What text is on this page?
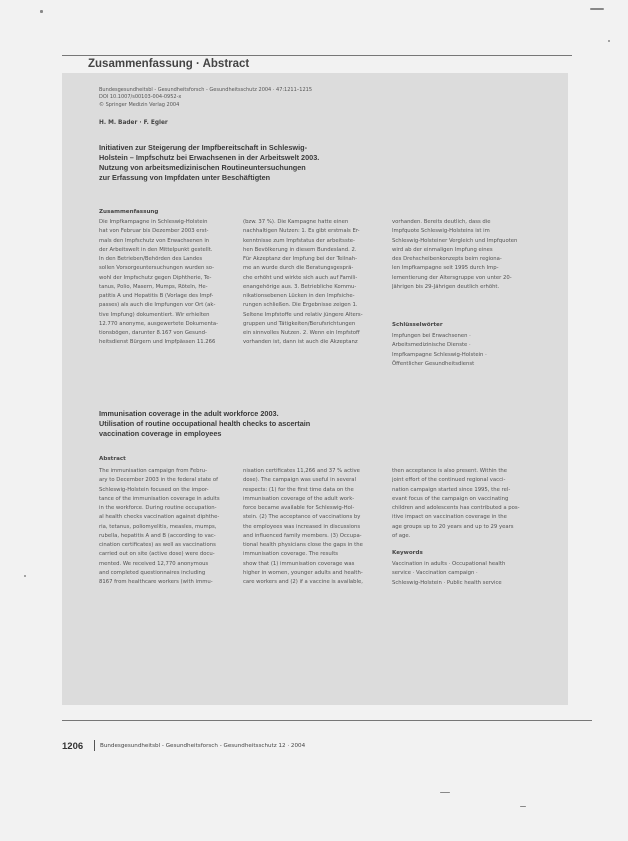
Zusammenfassung · Abstract
Bundesgesundheitsbl - Gesundheitsforsch - Gesundheitsschutz 2004 · 47:1211–1215
DOI 10.1007/s00103-004-0952-x
© Springer Medizin Verlag 2004
H. M. Bader · F. Egler
Initiativen zur Steigerung der Impfbereitschaft in Schleswig-
Holstein – Impfschutz bei Erwachsenen in der Arbeitswelt 2003.
Nutzung von arbeitsmedizinischen Routineuntersuchungen
zur Erfassung von Impfdaten unter Beschäftigten
Zusammenfassung
Die Impfkampagne in Schleswig-Holstein
hat von Februar bis Dezember 2003 erst-
mals den Impfschutz von Erwachsenen in
der Arbeitswelt in den Mittelpunkt gestellt.
In den Betrieben/Behörden des Landes
sollen Vorsorgeuntersuchungen wurden so-
wohl der Impfschutz gegen Diphtherie, Te-
tanus, Polio, Masern, Mumps, Röteln, He-
patitis A und Hepatitis B (Vorlage des Impf-
passes) als auch die Impfungen vor Ort (ak-
tive Impfung) dokumentiert. Wir erhielten
12.770 anonyme, ausgewertete Dokumenta-
tionsbögen, darunter 8.167 von Gesund-
heitsdienst Bürgern und Impfpässen 11.266
(bzw. 37 %). Die Kampagne hatte einen
nachhaltigen Nutzen: 1. Es gibt erstmals Er-
kenntnisse zum Impfstatus der arbeitsste-
hen Bevölkerung in diesem Bundesland. 2.
Für Akzeptanz der Impfung bei der Teilnah-
me an wurde durch die Beratungsgesprä-
che erhöht und wirkte sich auch auf Famili-
enangehörige aus. 3. Betriebliche Kommu-
nikationsebenen Lücken in den Impfsiche-
rungen schließen. Die Ergebnisse zeigen 1.
Seltene Impfstoffe und relativ jüngere Alters-
gruppen und Tätigkeiten/Berufsrichtungen
ein sinnvolles Nutzen. 2. Wenn ein Impfstoff
vorhanden ist, dann ist auch die Akzeptanz
vorhanden. Bereits deutlich, dass die
Impfquote Schleswig-Holsteins ist im
Schleswig-Holsteiner Vergleich und Impfquoten
wird ab der einmaligen Impfung eines
des Drehscheibenkonzepts beim regiona-
len Impfkampagne seit 1995 durch Imp-
lementierung der Altersgruppe von unter 20-
Jährigen bis 29-Jährigen deutlich erhöht.
Schlüsselwörter
Impfungen bei Erwachsenen ·
Arbeitsmedizinische Dienste ·
Impfkampagne Schleswig-Holstein ·
Öffentlicher Gesundheitsdienst
Immunisation coverage in the adult workforce 2003.
Utilisation of routine occupational health checks to ascertain
vaccination coverage in employees
Abstract
The immunisation campaign from Febru-
ary to December 2003 in the federal state of
Schleswig-Holstein focused on the impor-
tance of the immunisation coverage in adults
in the workforce. During routine occupation-
al health checks vaccination against diphthe-
ria, tetanus, poliomyelitis, measles, mumps,
rubella, hepatitis A and B (according to vac-
cination certificates) as well as vaccinations
carried out on site (active dose) were docu-
mented. We received 12,770 anonymous
and completed questionnaires including
8167 from healthcare workers (with immu-
nisation certificates 11,266 and 37 % active
dose). The campaign was useful in several
respects: (1) for the first time data on the
immunisation coverage of the adult work-
force became available for Schleswig-Hol-
stein. (2) The acceptance of vaccinations by
the employees was increased in discussions
and influenced family members. (3) Occupa-
tional health physicians close the gaps in the
immunisation coverage. The results
show that (1) immunisation coverage was
higher in women, younger adults and health-
care workers and (2) if a vaccine is available,
then acceptance is also present. Within the
joint effort of the continued regional vacci-
nation campaign started since 1995, the rel-
evant focus of the campaign on vaccinating
children and adolescents has contributed a pos-
itive impact on vaccination coverage in the
age groups up to 20 years and up to 29 years
of age.
Keywords
Vaccination in adults · Occupational health
service · Vaccination campaign ·
Schleswig-Holstein · Public health service
1206	Bundesgesundheitsbl - Gesundheitsforsch - Gesundheitsschutz 12 · 2004
